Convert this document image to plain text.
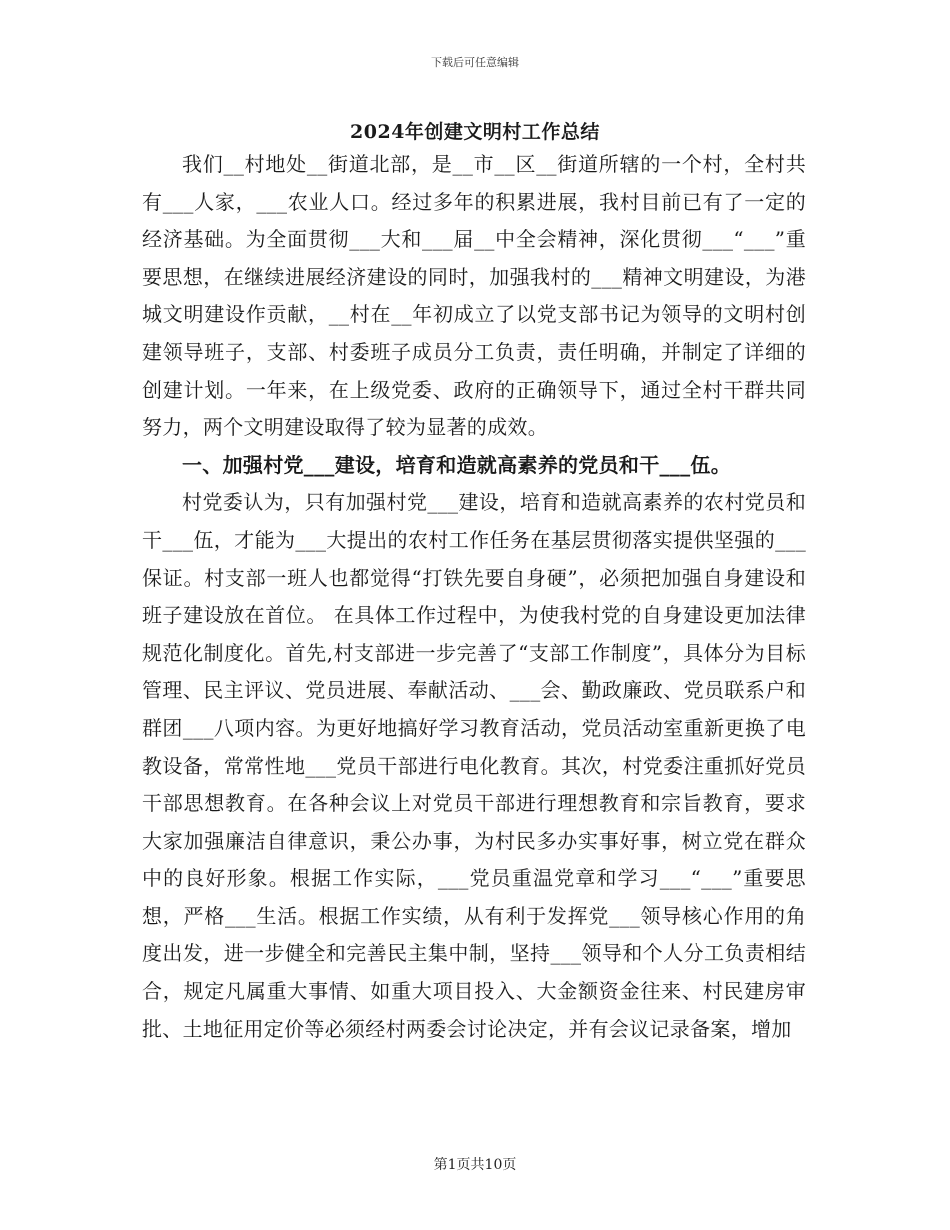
下载后可任意编辑
2024年创建文明村工作总结

我们__村地处__街道北部，是__市__区__街道所辖的一个村，全村共有___人家，___农业人口。经过多年的积累进展，我村目前已有了一定的经济基础。为全面贯彻___大和___届__中全会精神，深化贯彻___“___”重要思想，在继续进展经济建设的同时，加强我村的___精神文明建设，为港城文明建设作贡献，__村在__年初成立了以党支部书记为领导的文明村创建领导班子，支部、村委班子成员分工负责，责任明确，并制定了详细的创建计划。一年来，在上级党委、政府的正确领导下，通过全村干群共同努力，两个文明建设取得了较为显著的成效。

一、加强村党___建设，培育和造就高素养的党员和干___伍。

村党委认为，只有加强村党___建设，培育和造就高素养的农村党员和干___伍，才能为___大提出的农村工作任务在基层贯彻落实提供坚强的___保证。村支部一班人也都觉得“打铁先要自身硬”，必须把加强自身建设和班子建设放在首位。 在具体工作过程中，为使我村党的自身建设更加法律规范化制度化。首先,村支部进一步完善了“支部工作制度”，具体分为目标管理、民主评议、党员进展、奉献活动、___会、勤政廉政、党员联系户和群团___八项内容。为更好地搞好学习教育活动，党员活动室重新更换了电教设备，常常性地___党员干部进行电化教育。其次，村党委注重抓好党员干部思想教育。在各种会议上对党员干部进行理想教育和宗旨教育，要求大家加强廉洁自律意识，秉公办事，为村民多办实事好事，树立党在群众中的良好形象。根据工作实际，___党员重温党章和学习___“___”重要思想，严格___生活。根据工作实绩，从有利于发挥党___领导核心作用的角度出发，进一步健全和完善民主集中制，坚持___领导和个人分工负责相结合，规定凡属重大事情、如重大项目投入、大金额资金往来、村民建房审批、土地征用定价等必须经村两委会讨论决定，并有会议记录备案，增加

第1页共10页
